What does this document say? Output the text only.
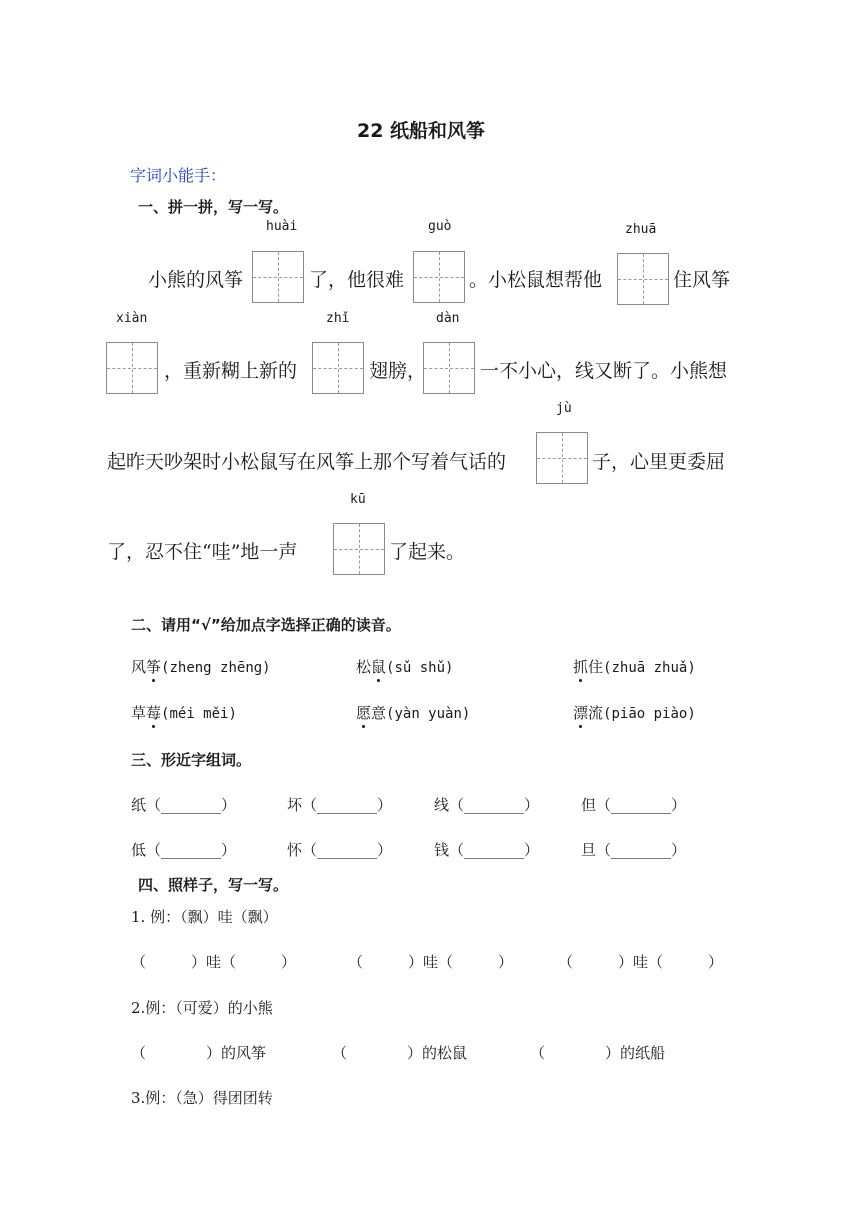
22 纸船和风筝
字词小能手：
一、拼一拼，写一写。
huài	guò	zhuā
小熊的风筝	了，他很难	。小松鼠想帮他	住风筝
xiàn	zhǐ	dàn
，重新糊上新的	翅膀，	一不小心，线又断了。小熊想
jù
起昨天吵架时小松鼠写在风筝上那个写着气话的	子，心里更委屈
kū
了，忍不住“哇”地一声	了起来。
二、请用“√”给加点字选择正确的读音。
风筝(zheng zhēng)	松鼠(sǔ shǔ)	抓住(zhuā zhuǎ)
草莓(méi měi)	愿意(yàn yuàn)	漂流(piāo piào)
三、形近字组词。
纸（________）	坏（________）	线（________）	但（________）
低（________）	怀（________）	钱（________）	旦（________）
四、照样子，写一写。
1. 例：（飘）哇（飘）
（　　　）哇（　　　）	（　　　）哇（　　　）	（　　　）哇（　　　）
2.例：（可爱）的小熊
（　　　　）的风筝	（　　　　）的松鼠	（　　　　）的纸船
3.例：（急）得团团转
